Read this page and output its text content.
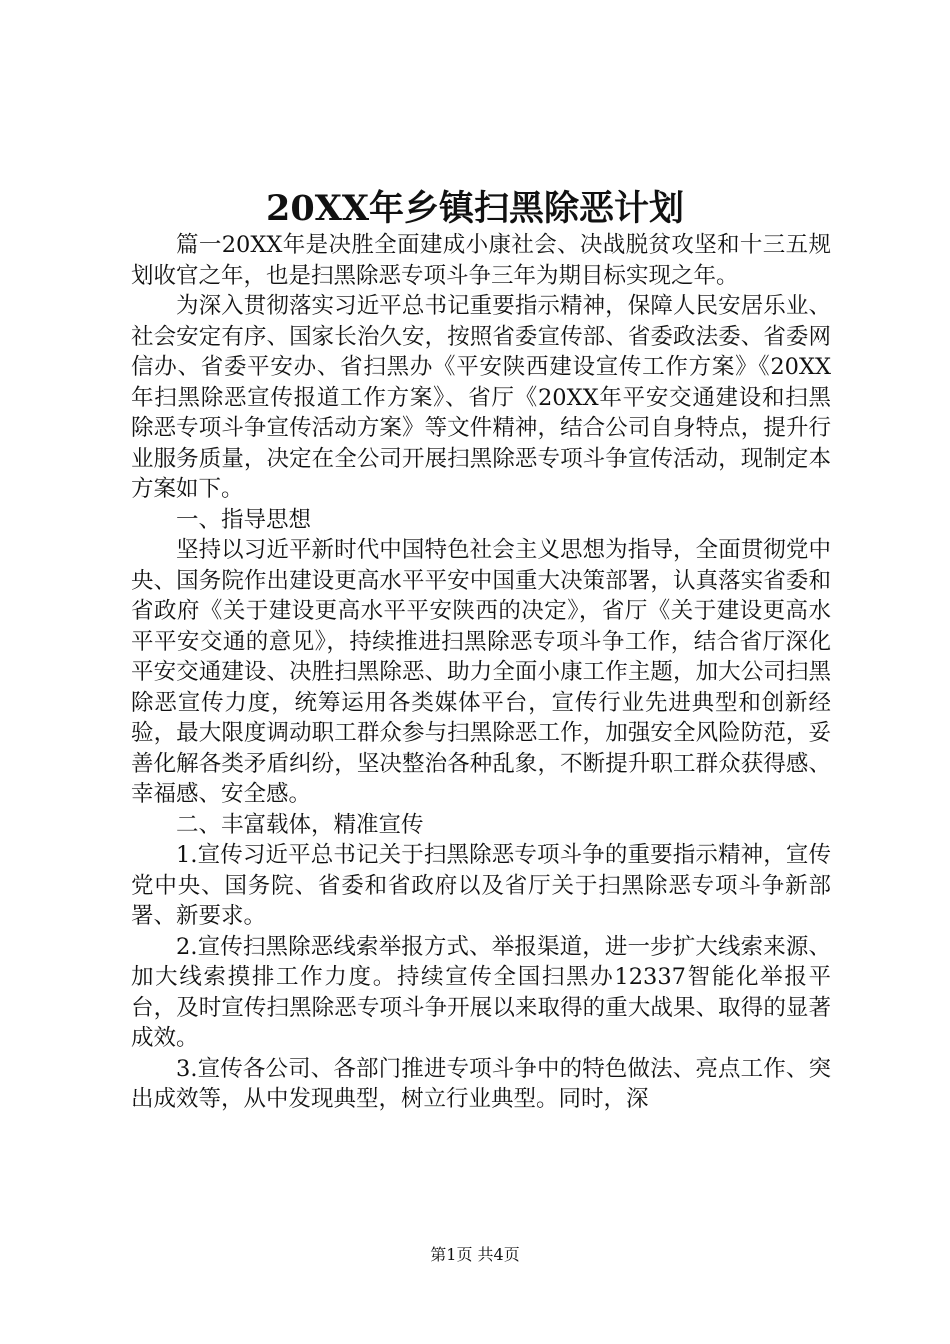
20XX年乡镇扫黑除恶计划

篇一20XX年是决胜全面建成小康社会、决战脱贫攻坚和十三五规划收官之年，也是扫黑除恶专项斗争三年为期目标实现之年。

为深入贯彻落实习近平总书记重要指示精神，保障人民安居乐业、社会安定有序、国家长治久安，按照省委宣传部、省委政法委、省委网信办、省委平安办、省扫黑办《平安陕西建设宣传工作方案》《20XX年扫黑除恶宣传报道工作方案》、省厅《20XX年平安交通建设和扫黑除恶专项斗争宣传活动方案》等文件精神，结合公司自身特点，提升行业服务质量，决定在全公司开展扫黑除恶专项斗争宣传活动，现制定本方案如下。

一、指导思想

坚持以习近平新时代中国特色社会主义思想为指导，全面贯彻党中央、国务院作出建设更高水平平安中国重大决策部署，认真落实省委和省政府《关于建设更高水平平安陕西的决定》，省厅《关于建设更高水平平安交通的意见》，持续推进扫黑除恶专项斗争工作，结合省厅深化平安交通建设、决胜扫黑除恶、助力全面小康工作主题，加大公司扫黑除恶宣传力度，统筹运用各类媒体平台，宣传行业先进典型和创新经验，最大限度调动职工群众参与扫黑除恶工作，加强安全风险防范，妥善化解各类矛盾纠纷，坚决整治各种乱象，不断提升职工群众获得感、幸福感、安全感。

二、丰富载体，精准宣传

1.宣传习近平总书记关于扫黑除恶专项斗争的重要指示精神，宣传党中央、国务院、省委和省政府以及省厅关于扫黑除恶专项斗争新部署、新要求。

2.宣传扫黑除恶线索举报方式、举报渠道，进一步扩大线索来源、加大线索摸排工作力度。持续宣传全国扫黑办12337智能化举报平台，及时宣传扫黑除恶专项斗争开展以来取得的重大战果、取得的显著成效。

3.宣传各公司、各部门推进专项斗争中的特色做法、亮点工作、突出成效等，从中发现典型，树立行业典型。同时，深

第1页 共4页
